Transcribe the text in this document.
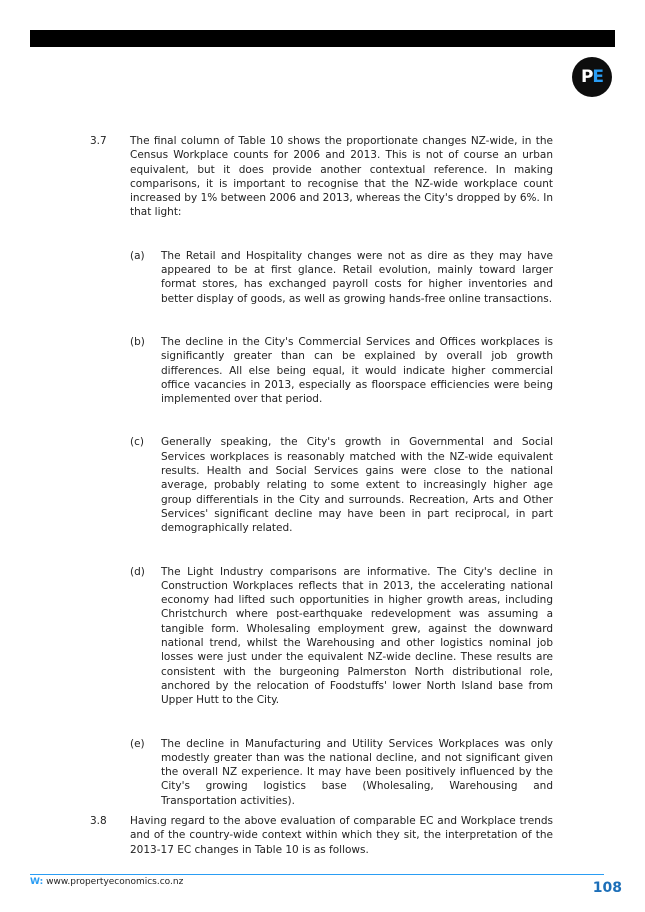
PE
3.7	The final column of Table 10 shows the proportionate changes NZ-wide, in the Census Workplace counts for 2006 and 2013. This is not of course an urban equivalent, but it does provide another contextual reference. In making comparisons, it is important to recognise that the NZ-wide workplace count increased by 1% between 2006 and 2013, whereas the City's dropped by 6%. In that light:
(a)	The Retail and Hospitality changes were not as dire as they may have appeared to be at first glance. Retail evolution, mainly toward larger format stores, has exchanged payroll costs for higher inventories and better display of goods, as well as growing hands-free online transactions.
(b)	The decline in the City's Commercial Services and Offices workplaces is significantly greater than can be explained by overall job growth differences. All else being equal, it would indicate higher commercial office vacancies in 2013, especially as floorspace efficiencies were being implemented over that period.
(c)	Generally speaking, the City's growth in Governmental and Social Services workplaces is reasonably matched with the NZ-wide equivalent results. Health and Social Services gains were close to the national average, probably relating to some extent to increasingly higher age group differentials in the City and surrounds. Recreation, Arts and Other Services' significant decline may have been in part reciprocal, in part demographically related.
(d)	The Light Industry comparisons are informative. The City's decline in Construction Workplaces reflects that in 2013, the accelerating national economy had lifted such opportunities in higher growth areas, including Christchurch where post-earthquake redevelopment was assuming a tangible form. Wholesaling employment grew, against the downward national trend, whilst the Warehousing and other logistics nominal job losses were just under the equivalent NZ-wide decline. These results are consistent with the burgeoning Palmerston North distributional role, anchored by the relocation of Foodstuffs' lower North Island base from Upper Hutt to the City.
(e)	The decline in Manufacturing and Utility Services Workplaces was only modestly greater than was the national decline, and not significant given the overall NZ experience. It may have been positively influenced by the City's growing logistics base (Wholesaling, Warehousing and Transportation activities).
3.8	Having regard to the above evaluation of comparable EC and Workplace trends and of the country-wide context within which they sit, the interpretation of the 2013-17 EC changes in Table 10 is as follows.
W: www.propertyeconomics.co.nz	108
